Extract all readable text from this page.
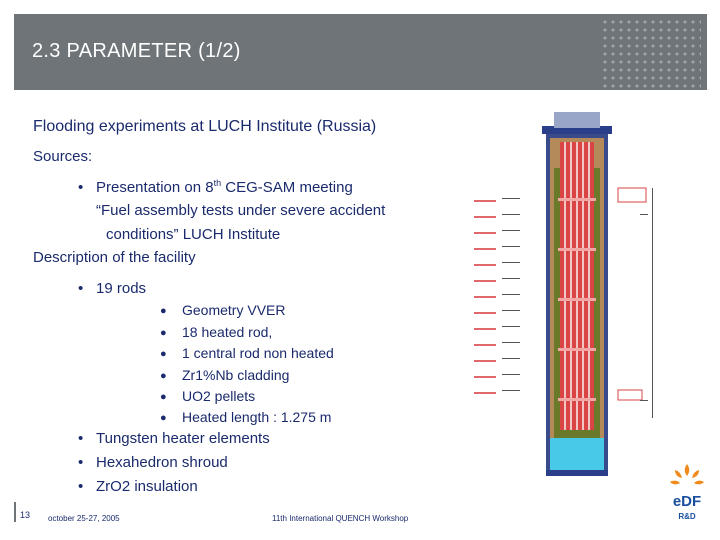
2.3 PARAMETER (1/2)
Flooding experiments at LUCH Institute (Russia)
Sources:
• Presentation on 8th CEG-SAM meeting
“Fuel assembly tests under severe accident
conditions” LUCH Institute
Description of the facility
• 19 rods
● Geometry VVER
● 18 heated rod,
● 1 central rod non heated
● Zr1%Nb cladding
● UO2 pellets
● Heated length : 1.275 m
• Tungsten heater elements
• Hexahedron shroud
• ZrO2 insulation
eDF
R&D
13 october 25-27, 2005	11th International QUENCH Workshop
